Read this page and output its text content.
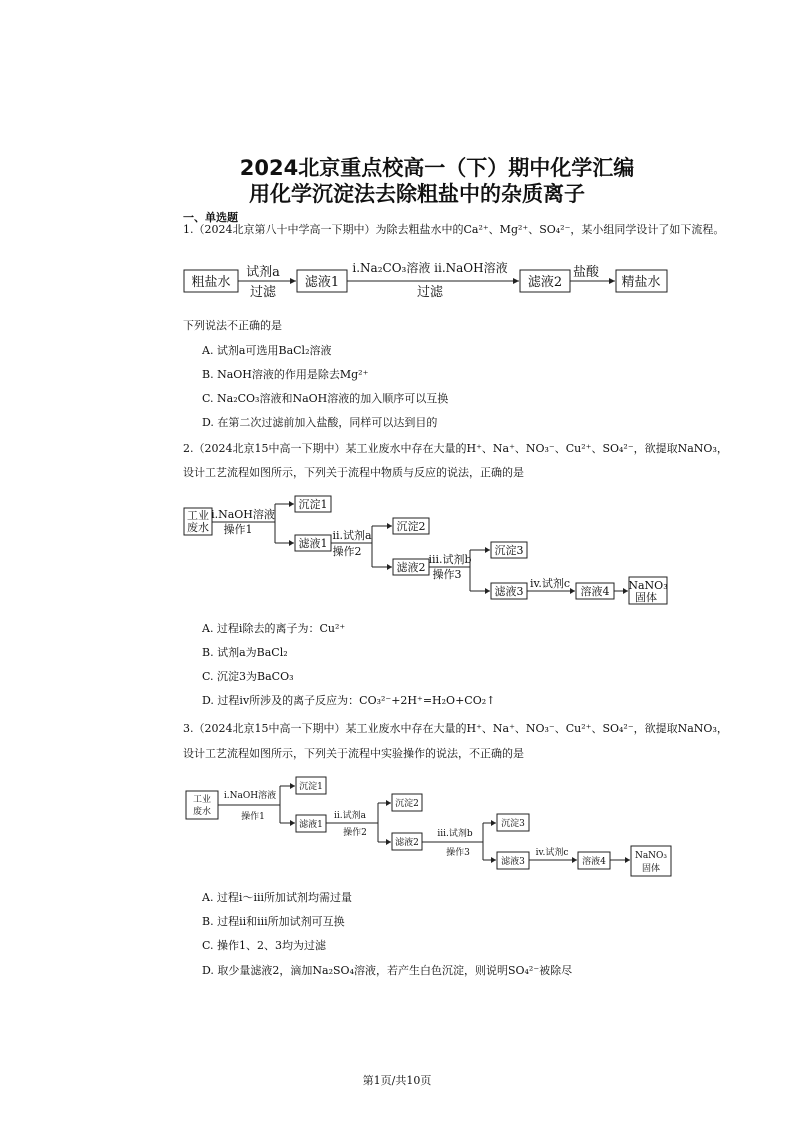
2024北京重点校高一（下）期中化学汇编
用化学沉淀法去除粗盐中的杂质离子
一、单选题
1.（2024北京第八十中学高一下期中）为除去粗盐水中的Ca²⁺、Mg²⁺、SO₄²⁻，某小组同学设计了如下流程。
粗盐水
试剂a
过滤
滤液1
i.Na₂CO₃溶液 ii.NaOH溶液
过滤
滤液2
盐酸
精盐水
工业
废水
i.NaOH溶液
操作1
沉淀1
滤液1
ii.试剂a
操作2
沉淀2
滤液2
iii.试剂b
操作3
沉淀3
滤液3
iv.试剂c
溶液4 NaNO₃
固体
工业
废水
i.NaOH溶液
操作1
沉淀1
滤液1
ii.试剂a
操作2
沉淀2
滤液2
iii.试剂b
操作3
沉淀3
滤液3
iv.试剂c
溶液4
NaNO₃
固体
下列说法不正确的是
A. 试剂a可选用BaCl₂溶液
B. NaOH溶液的作用是除去Mg²⁺
C. Na₂CO₃溶液和NaOH溶液的加入顺序可以互换
D. 在第二次过滤前加入盐酸，同样可以达到目的
2.（2024北京15中高一下期中）某工业废水中存在大量的H⁺、Na⁺、NO₃⁻、Cu²⁺、SO₄²⁻，欲提取NaNO₃，
设计工艺流程如图所示，下列关于流程中物质与反应的说法，正确的是
A. 过程i除去的离子为：Cu²⁺
B. 试剂a为BaCl₂
C. 沉淀3为BaCO₃
D. 过程iv所涉及的离子反应为：CO₃²⁻+2H⁺=H₂O+CO₂↑
3.（2024北京15中高一下期中）某工业废水中存在大量的H⁺、Na⁺、NO₃⁻、Cu²⁺、SO₄²⁻，欲提取NaNO₃，
设计工艺流程如图所示，下列关于流程中实验操作的说法，不正确的是
A. 过程i～iii所加试剂均需过量
B. 过程ii和iii所加试剂可互换
C. 操作1、2、3均为过滤
D. 取少量滤液2，滴加Na₂SO₄溶液，若产生白色沉淀，则说明SO₄²⁻被除尽
第1页/共10页
